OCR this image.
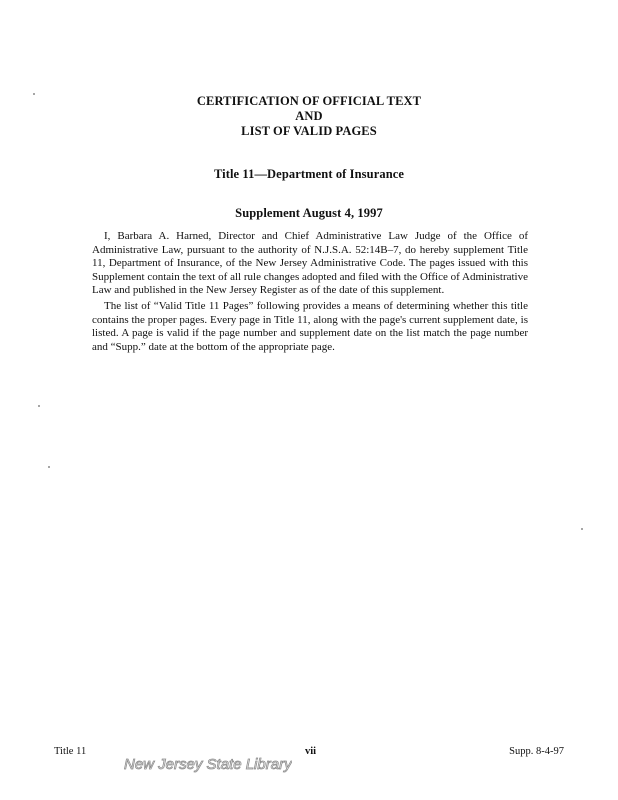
CERTIFICATION OF OFFICIAL TEXT
AND
LIST OF VALID PAGES
Title 11—Department of Insurance
Supplement August 4, 1997

I, Barbara A. Harned, Director and Chief Administrative Law Judge of the Office of Administrative Law, pursuant to the authority of N.J.S.A. 52:14B–7, do hereby supplement Title 11, Department of Insurance, of the New Jersey Administrative Code. The pages issued with this Supplement contain the text of all rule changes adopted and filed with the Office of Administrative Law and published in the New Jersey Register as of the date of this supplement.

The list of “Valid Title 11 Pages” following provides a means of determining whether this title contains the proper pages. Every page in Title 11, along with the page's current supplement date, is listed. A page is valid if the page number and supplement date on the list match the page number and “Supp.” date at the bottom of the appropriate page.

Title 11	vii	Supp. 8-4-97
New Jersey State Library
